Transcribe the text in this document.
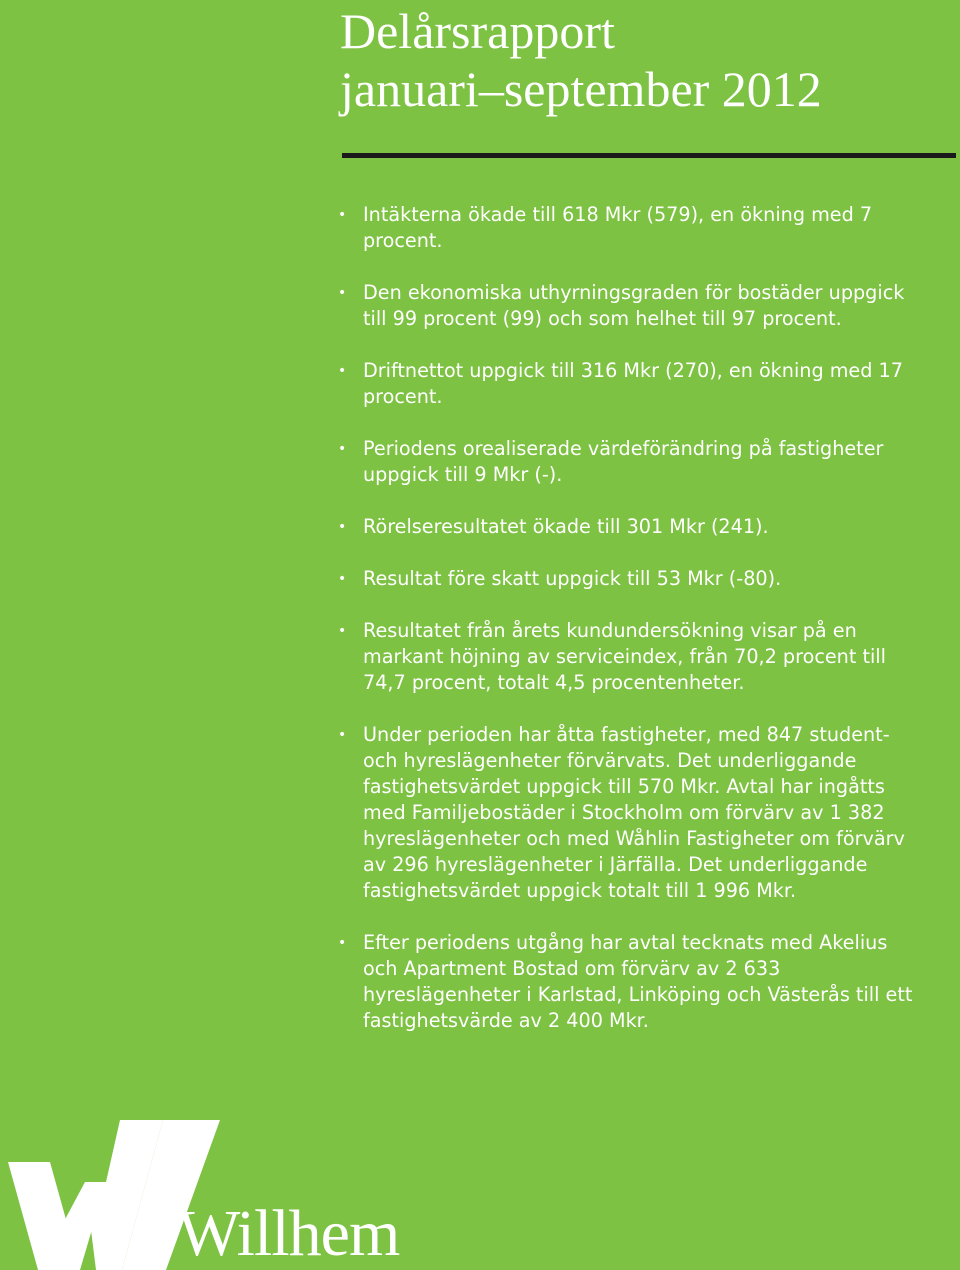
Delårsrapport
januari–september 2012
• Intäkterna ökade till 618 Mkr (579), en ökning med 7 procent.
• Den ekonomiska uthyrningsgraden för bostäder uppgick till 99 procent (99) och som helhet till 97 procent.
• Driftnettot uppgick till 316 Mkr (270), en ökning med 17 procent.
• Periodens orealiserade värdeförändring på fastigheter uppgick till 9 Mkr (-).
• Rörelseresultatet ökade till 301 Mkr (241).
• Resultat före skatt uppgick till 53 Mkr (-80).
• Resultatet från årets kundundersökning visar på en markant höjning av serviceindex, från 70,2 procent till 74,7 procent, totalt 4,5 procentenheter.
• Under perioden har åtta fastigheter, med 847 student- och hyreslägenheter förvärvats. Det underliggande fastighetsvärdet uppgick till 570 Mkr. Avtal har ingåtts med Familjebostäder i Stockholm om förvärv av 1 382 hyreslägenheter och med Wåhlin Fastigheter om förvärv av 296 hyreslägenheter i Järfälla. Det underliggande fastighetsvärdet uppgick totalt till 1 996 Mkr.
• Efter periodens utgång har avtal tecknats med Akelius och Apartment Bostad om förvärv av 2 633 hyreslägenheter i Karlstad, Linköping och Västerås till ett fastighetsvärde av 2 400 Mkr.
Willhem
